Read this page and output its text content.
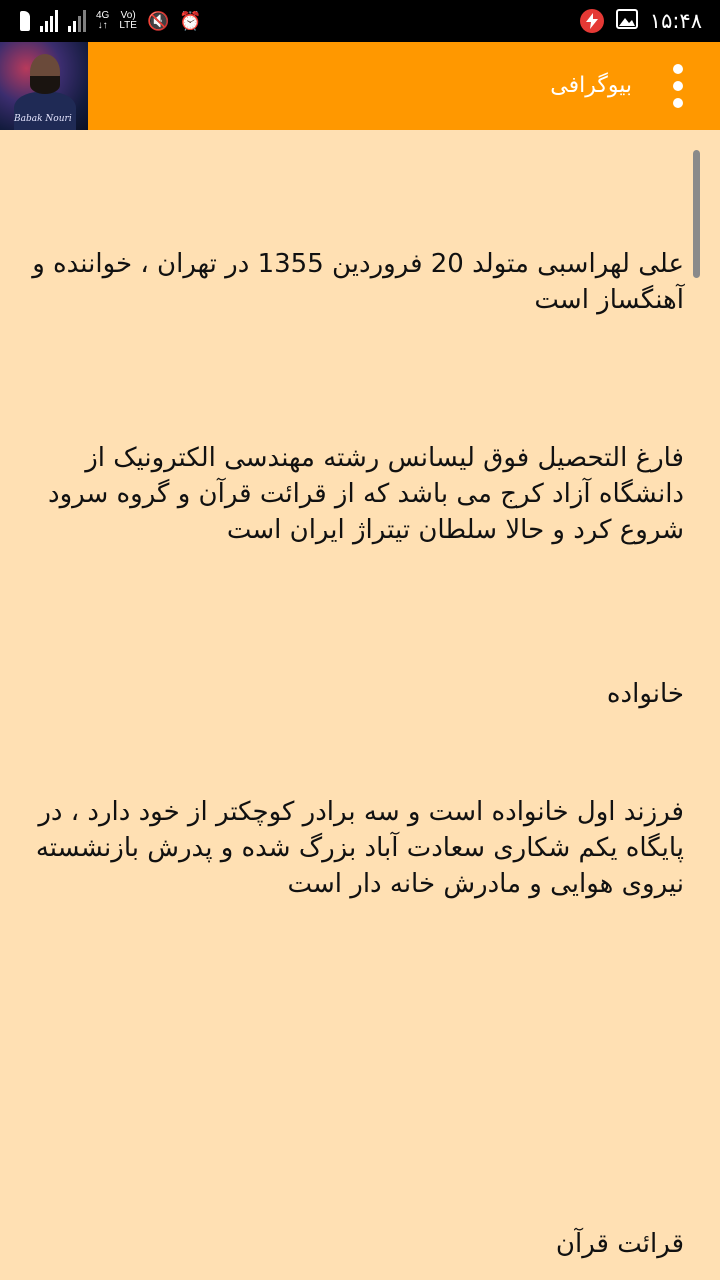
4G
↓↑
Vo)
LTE 🔇 ⏰	۱۵:۴۸
Babak Nouri
بیوگرافی
علی لهراسبی متولد 20 فروردین 1355 در تهران ، خواننده و آهنگساز است
فارغ التحصیل فوق لیسانس رشته مهندسی الکترونیک از دانشگاه آزاد کرج می باشد که از قرائت قرآن و گروه سرود شروع کرد و حالا سلطان تیتراژ ایران است
خانواده
فرزند اول خانواده است و سه برادر کوچکتر از خود دارد ، در پایگاه یکم شکاری سعادت آباد بزرگ شده و پدرش بازنشسته نیروی هوایی و مادرش خانه دار است
قرائت قرآن
